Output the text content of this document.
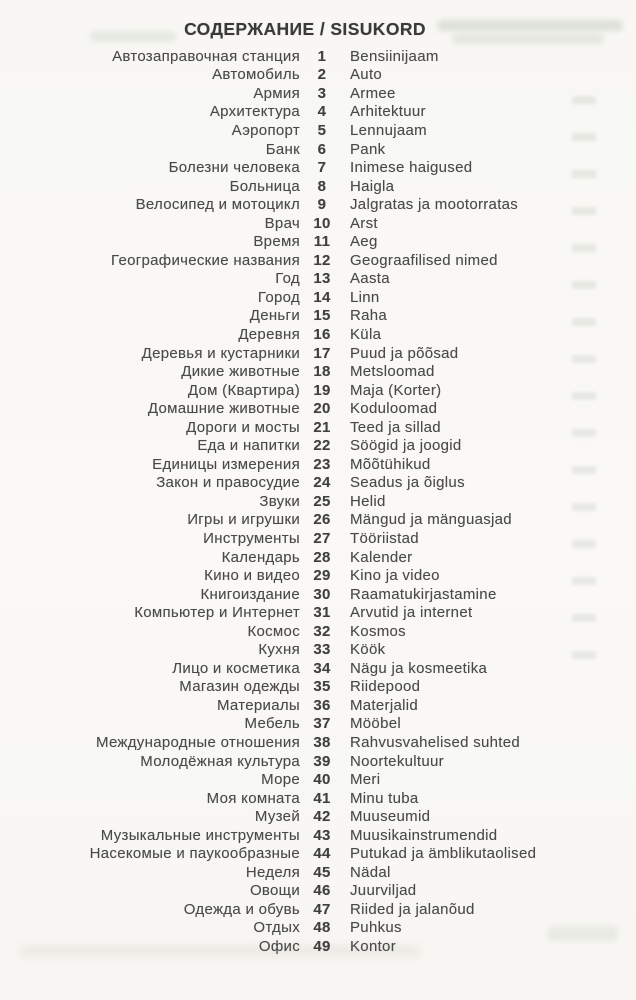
СОДЕРЖАНИЕ / SISUKORD
Автозаправочная станция	1	Bensiinijaam
Автомобиль	2	Auto
Армия	3	Armee
Архитектура	4	Arhitektuur
Аэропорт	5	Lennujaam
Банк	6	Pank
Болезни человека	7	Inimese haigused
Больница	8	Haigla
Велосипед и мотоцикл	9	Jalgratas ja mootorratas
Врач 10	Arst
Время 11	Aeg
Географические названия 12	Geograafilised nimed
Год 13	Aasta
Город 14	Linn
Деньги 15	Raha
Деревня 16	Küla
Деревья и кустарники 17	Puud ja põõsad
Дикие животные 18	Metsloomad
Дом (Квартира) 19	Maja (Korter)
Домашние животные 20	Koduloomad
Дороги и мосты 21	Teed ja sillad
Еда и напитки 22	Söögid ja joogid
Единицы измерения 23	Mõõtühikud
Закон и правосудие 24	Seadus ja õiglus
Звуки 25	Helid
Игры и игрушки 26	Mängud ja mänguasjad
Инструменты 27	Tööriistad
Календарь 28	Kalender
Кино и видео 29	Kino ja video
Книгоиздание 30	Raamatukirjastamine
Компьютер и Интернет 31	Arvutid ja internet
Космос 32	Kosmos
Кухня 33	Köök
Лицо и косметика 34	Nägu ja kosmeetika
Магазин одежды 35	Riidepood
Материалы 36	Materjalid
Мебель 37	Mööbel
Международные отношения 38	Rahvusvahelised suhted
Молодёжная культура 39	Noortekultuur
Море 40	Meri
Моя комната 41	Minu tuba
Музей 42	Muuseumid
Музыкальные инструменты 43	Muusikainstrumendid
Насекомые и паукообразные 44	Putukad ja ämblikutaolised
Неделя 45	Nädal
Овощи 46	Juurviljad
Одежда и обувь 47	Riided ja jalanõud
Отдых 48	Puhkus
Офис 49	Kontor
